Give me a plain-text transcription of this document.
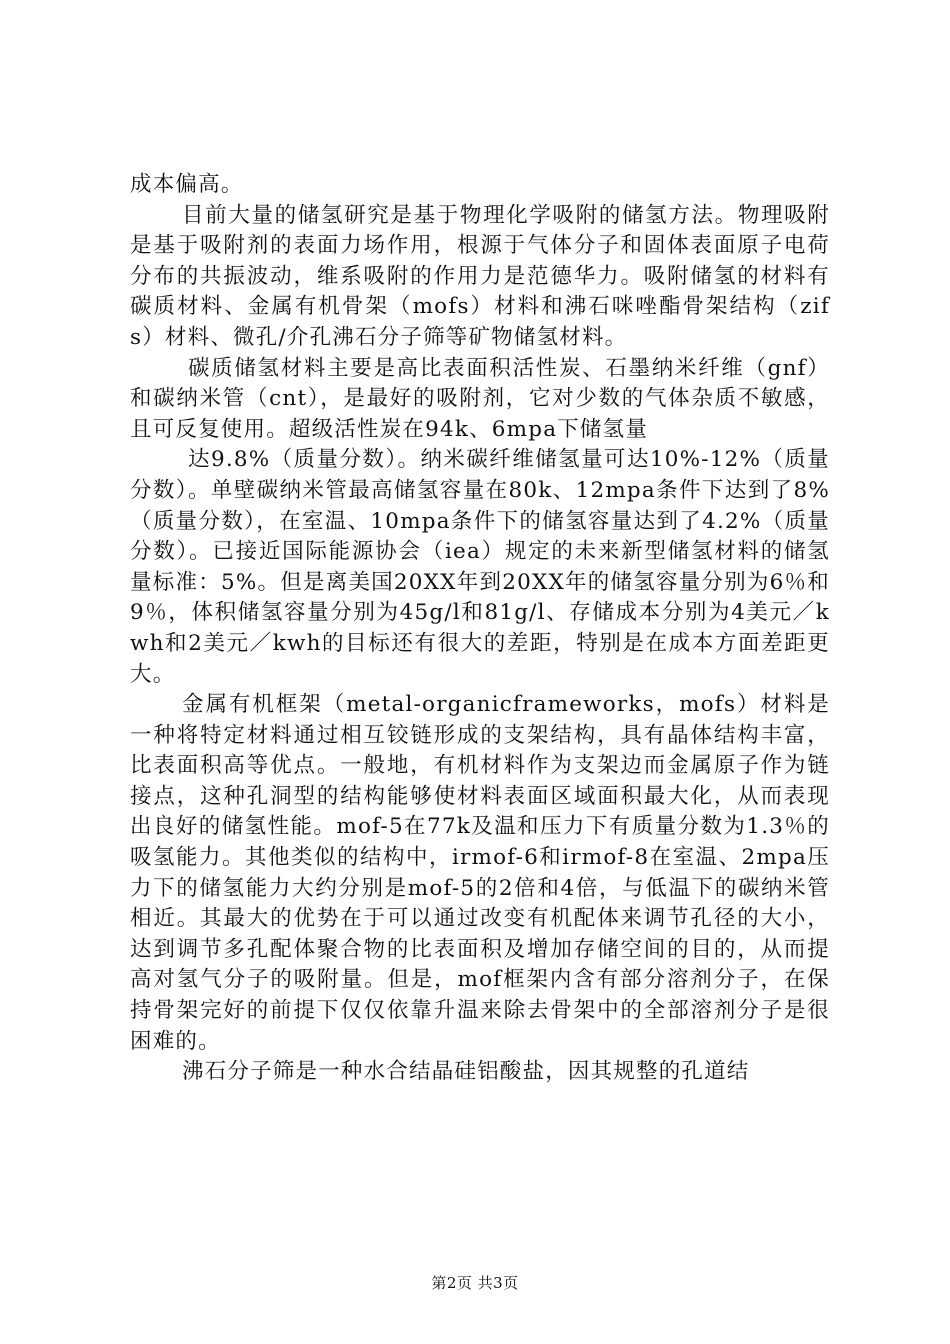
成本偏高。

目前大量的储氢研究是基于物理化学吸附的储氢方法。物理吸附是基于吸附剂的表面力场作用，根源于气体分子和固体表面原子电荷分布的共振波动，维系吸附的作用力是范德华力。吸附储氢的材料有碳质材料、金属有机骨架（mofs）材料和沸石咪唑酯骨架结构（zifs）材料、微孔/介孔沸石分子筛等矿物储氢材料。

碳质储氢材料主要是高比表面积活性炭、石墨纳米纤维（gnf）和碳纳米管（cnt），是最好的吸附剂，它对少数的气体杂质不敏感，且可反复使用。超级活性炭在94k、6mpa下储氢量

达9.8%（质量分数）。纳米碳纤维储氢量可达10%-12%（质量分数）。单壁碳纳米管最高储氢容量在80k、12mpa条件下达到了8%（质量分数），在室温、10mpa条件下的储氢容量达到了4.2%（质量分数）。已接近国际能源协会（iea）规定的未来新型储氢材料的储氢量标准：5%。但是离美国20XX年到20XX年的储氢容量分别为6％和9％，体积储氢容量分别为45g/l和81g/l、存储成本分别为4美元／kwh和2美元／kwh的目标还有很大的差距，特别是在成本方面差距更大。

金属有机框架（metal-organicframeworks，mofs）材料是一种将特定材料通过相互铰链形成的支架结构，具有晶体结构丰富，比表面积高等优点。一般地，有机材料作为支架边而金属原子作为链接点，这种孔洞型的结构能够使材料表面区域面积最大化，从而表现出良好的储氢性能。mof-5在77k及温和压力下有质量分数为1.3％的吸氢能力。其他类似的结构中，irmof-6和irmof-8在室温、2mpa压力下的储氢能力大约分别是mof-5的2倍和4倍，与低温下的碳纳米管相近。其最大的优势在于可以通过改变有机配体来调节孔径的大小，达到调节多孔配体聚合物的比表面积及增加存储空间的目的，从而提高对氢气分子的吸附量。但是，mof框架内含有部分溶剂分子，在保持骨架完好的前提下仅仅依靠升温来除去骨架中的全部溶剂分子是很困难的。

沸石分子筛是一种水合结晶硅铝酸盐，因其规整的孔道结

第2页 共3页
